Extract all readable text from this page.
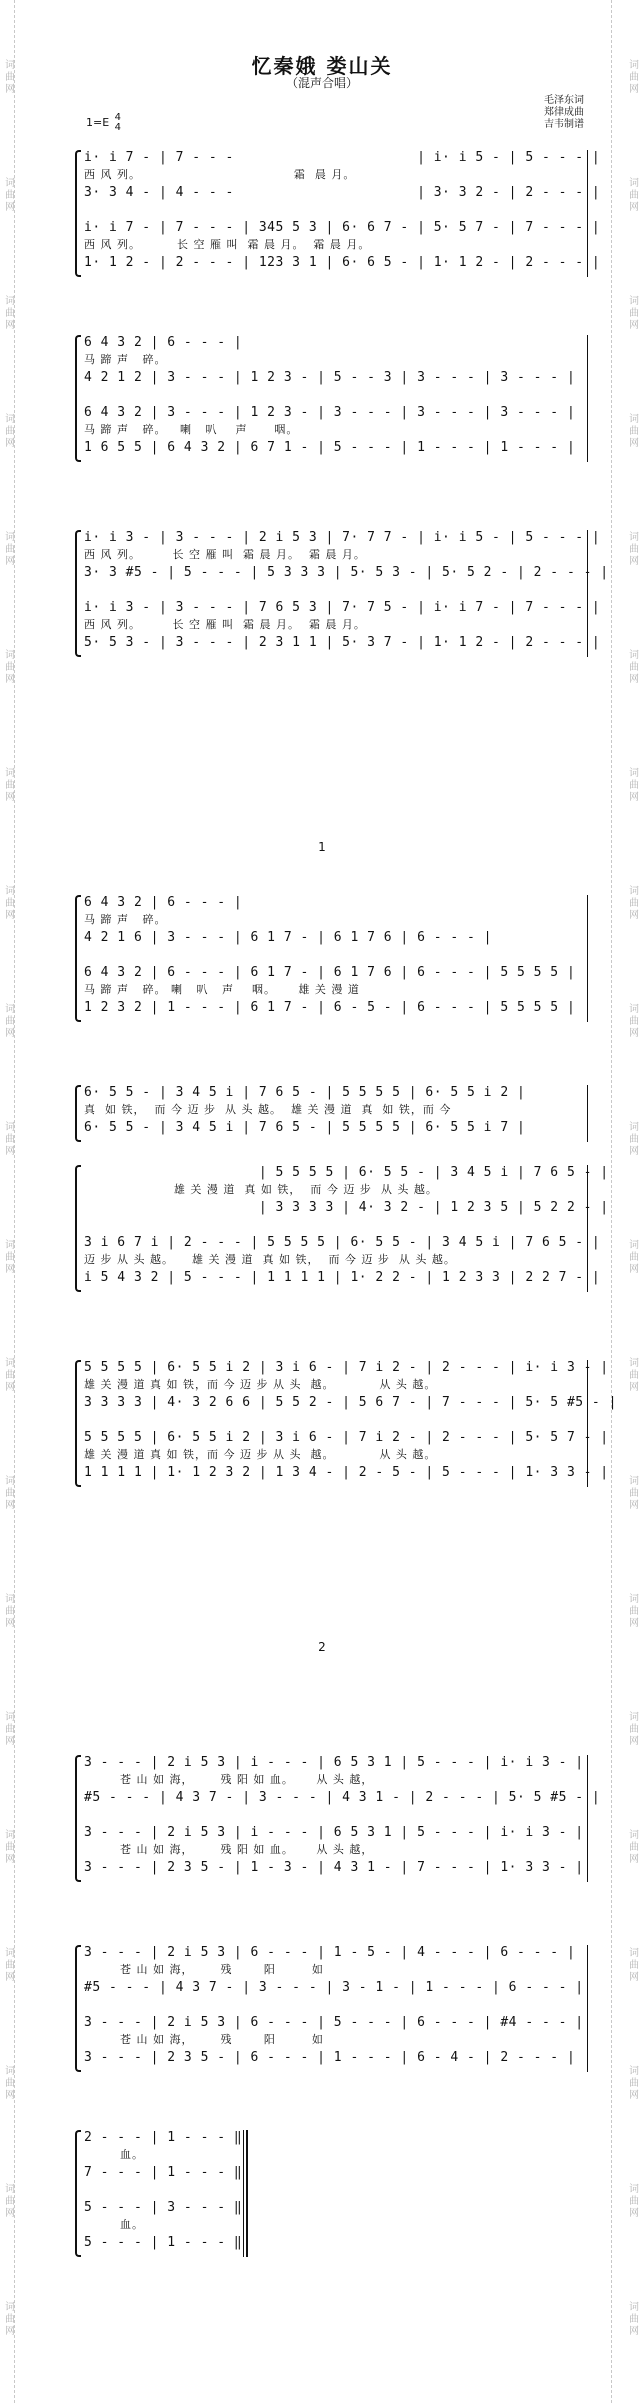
词
曲
网
词
曲
网
词
曲
网
词
曲
网
词
曲
网
词
曲
网
词
曲
网
词
曲
网
词
曲
网
词
曲
网
词
曲
网
词
曲
网
词
曲
网
词
曲
网
词
曲
网
词
曲
网
词
曲
网
词
曲
网
词
曲
网
词
曲
网
词
曲
网
词
曲
网
词
曲
网
词
曲
网
词
曲
网
词
曲
网
词
曲
网
词
曲
网
词
曲
网
词
曲
网
词
曲
网
词
曲
网
词
曲
网
词
曲
网
词
曲
网
词
曲
网
词
曲
网
词
曲
网
词
曲
网
词
曲
网
忆秦娥 娄山关
（混声合唱）
毛泽东词
郑律成曲
吉韦制谱
1=E 4
4
1
i· i 7 - | 7 - - -                      | i· i 5 - | 5 - - - |
西 风 列。                                  霜  晨 月。
3· 3 4 - | 4 - - -                      | 3· 3 2 - | 2 - - - |
i· i 7 - | 7 - - - | 345 5 3 | 6· 6 7 - | 5· 5 7 - | 7 - - - |
西 风 列。        长 空 雁 叫  霜 晨 月。  霜 晨 月。
1· 1 2 - | 2 - - - | 123 3 1 | 6· 6 5 - | 1· 1 2 - | 2 - - - |
6 4 3 2 | 6 - - - |
马 蹄 声   碎。
4 2 1 2 | 3 - - - | 1 2 3 - | 5 - - 3 | 3 - - - | 3 - - - |
6 4 3 2 | 3 - - - | 1 2 3 - | 3 - - - | 3 - - - | 3 - - - |
马 蹄 声   碎。   喇   叭    声      咽。
1 6 5 5 | 6 4 3 2 | 6 7 1 - | 5 - - - | 1 - - - | 1 - - - |
i· i 3 - | 3 - - - | 2 i 5 3 | 7· 7 7 - | i· i 5 - | 5 - - - |
西 风 列。       长 空 雁 叫  霜 晨 月。  霜 晨 月。
3· 3 #5 - | 5 - - - | 5 3 3 3 | 5· 5 3 - | 5· 5 2 - | 2 - - - |
i· i 3 - | 3 - - - | 7 6 5 3 | 7· 7 5 - | i· i 7 - | 7 - - - |
西 风 列。       长 空 雁 叫  霜 晨 月。  霜 晨 月。
5· 5 3 - | 3 - - - | 2 3 1 1 | 5· 3 7 - | 1· 1 2 - | 2 - - - |
2
6 4 3 2 | 6 - - - |
马 蹄 声   碎。
4 2 1 6 | 3 - - - | 6 1 7 - | 6 1 7 6 | 6 - - - |
6 4 3 2 | 6 - - - | 6 1 7 - | 6 1 7 6 | 6 - - - | 5 5 5 5 |
马 蹄 声   碎。 喇   叭   声    咽。     雄 关 漫 道
1 2 3 2 | 1 - - - | 6 1 7 - | 6 - 5 - | 6 - - - | 5 5 5 5 |
6· 5 5 - | 3 4 5 i | 7 6 5 - | 5 5 5 5 | 6· 5 5 i 2 |
真  如 铁，  而 今 迈 步  从 头 越。  雄 关 漫 道  真  如 铁，而 今
6· 5 5 - | 3 4 5 i | 7 6 5 - | 5 5 5 5 | 6· 5 5 i 7 |
| 5 5 5 5 | 6· 5 5 - | 3 4 5 i | 7 6 5 - |
雄 关 漫 道  真 如 铁，  而 今 迈 步  从 头 越。
| 3 3 3 3 | 4· 3 2 - | 1 2 3 5 | 5 2 2 - |
3 i 6 7 i | 2 - - - | 5 5 5 5 | 6· 5 5 - | 3 4 5 i | 7 6 5 - |
迈 步 从 头 越。    雄 关 漫 道  真 如 铁，  而 今 迈 步  从 头 越。
i 5 4 3 2 | 5 - - - | 1 1 1 1 | 1· 2 2 - | 1 2 3 3 | 2 2 7 - |
5 5 5 5 | 6· 5 5 i 2 | 3 i 6 - | 7 i 2 - | 2 - - - | i· i 3 - |
雄 关 漫 道 真 如 铁，而 今 迈 步 从 头  越。          从 头 越。
3 3 3 3 | 4· 3 2 6 6 | 5 5 2 - | 5 6 7 - | 7 - - - | 5· 5 #5 - |
5 5 5 5 | 6· 5 5 i 2 | 3 i 6 - | 7 i 2 - | 2 - - - | 5· 5 7 - |
雄 关 漫 道 真 如 铁，而 今 迈 步 从 头  越。          从 头 越。
1 1 1 1 | 1· 1 2 3 2 | 1 3 4 - | 2 - 5 - | 5 - - - | 1· 3 3 - |
3 - - - | 2 i 5 3 | i - - - | 6 5 3 1 | 5 - - - | i· i 3 - |
苍 山 如 海，      残 阳 如 血。     从 头 越，
#5 - - - | 4 3 7 - | 3 - - - | 4 3 1 - | 2 - - - | 5· 5 #5 - |
3 - - - | 2 i 5 3 | i - - - | 6 5 3 1 | 5 - - - | i· i 3 - |
苍 山 如 海，      残 阳 如 血。     从 头 越，
3 - - - | 2 3 5 - | 1 - 3 - | 4 3 1 - | 7 - - - | 1· 3 3 - |
3 - - - | 2 i 5 3 | 6 - - - | 1 - 5 - | 4 - - - | 6 - - - |
苍 山 如 海，      残       阳        如
#5 - - - | 4 3 7 - | 3 - - - | 3 - 1 - | 1 - - - | 6 - - - |
3 - - - | 2 i 5 3 | 6 - - - | 5 - - - | 6 - - - | #4 - - - |
苍 山 如 海，      残       阳        如
3 - - - | 2 3 5 - | 6 - - - | 1 - - - | 6 - 4 - | 2 - - - |
2 - - - | 1 - - - ‖
血。
7 - - - | 1 - - - ‖
5 - - - | 3 - - - ‖
血。
5 - - - | 1 - - - ‖
